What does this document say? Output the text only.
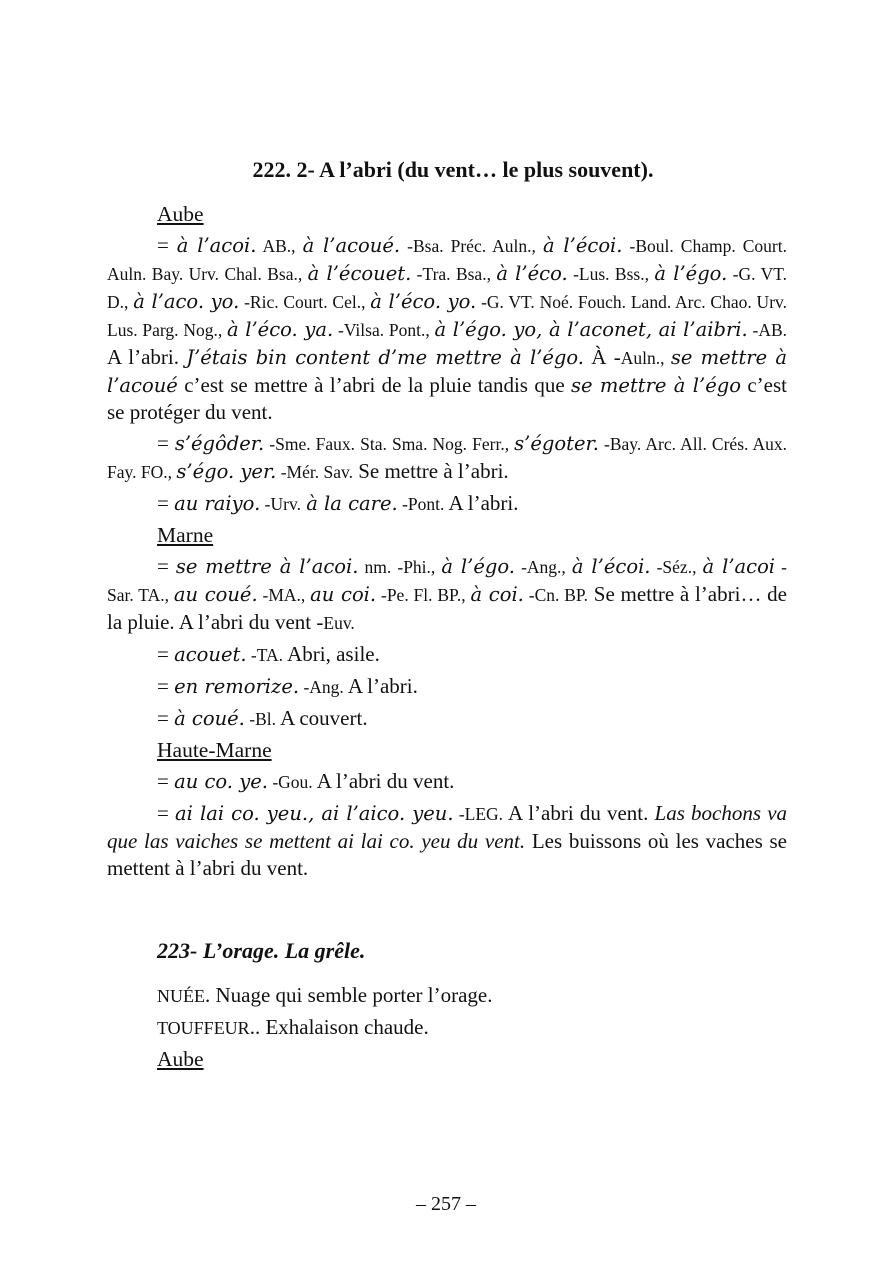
222. 2- A l’abri (du vent… le plus souvent).
Aube

= à l’acoi. AB., à l’acoué. -Bsa. Préc. Auln., à l’écoi. -Boul. Champ. Court. Auln. Bay. Urv. Chal. Bsa., à l’écouet. -Tra. Bsa., à l’éco. -Lus. Bss., à l’égo. -G. VT. D., à l’aco. yo. -Ric. Court. Cel., à l’éco. yo. -G. VT. Noé. Fouch. Land. Arc. Chao. Urv. Lus. Parg. Nog., à l’éco. ya. -Vilsa. Pont., à l’égo. yo, à l’aconet, ai l’aibri. -AB. A l’abri. J’étais bin content d’me mettre à l’égo. À -Auln., se mettre à l’acoué c’est se mettre à l’abri de la pluie tandis que se mettre à l’égo c’est se protéger du vent.

= s’égôder. -Sme. Faux. Sta. Sma. Nog. Ferr., s’égoter. -Bay. Arc. All. Crés. Aux. Fay. FO., s’égo. yer. -Mér. Sav. Se mettre à l’abri.

= au raiyo. -Urv. à la care. -Pont. A l’abri.

Marne

= se mettre à l’acoi. nm. -Phi., à l’égo. -Ang., à l’écoi. -Séz., à l’acoi -Sar. TA., au coué. -MA., au coi. -Pe. Fl. BP., à coi. -Cn. BP. Se mettre à l’abri… de la pluie. A l’abri du vent -Euv.

= acouet. -TA. Abri, asile.

= en remorize. -Ang. A l’abri.

= à coué. -Bl. A couvert.

Haute-Marne

= au co. ye. -Gou. A l’abri du vent.

= ai lai co. yeu., ai l’aico. yeu. -LEG. A l’abri du vent. Las bochons va que las vaiches se mettent ai lai co. yeu du vent. Les buissons où les vaches se mettent à l’abri du vent.

223- L’orage. La grêle.

NUÉE. Nuage qui semble porter l’orage.

TOUFFEUR.. Exhalaison chaude.

Aube
– 257 –
